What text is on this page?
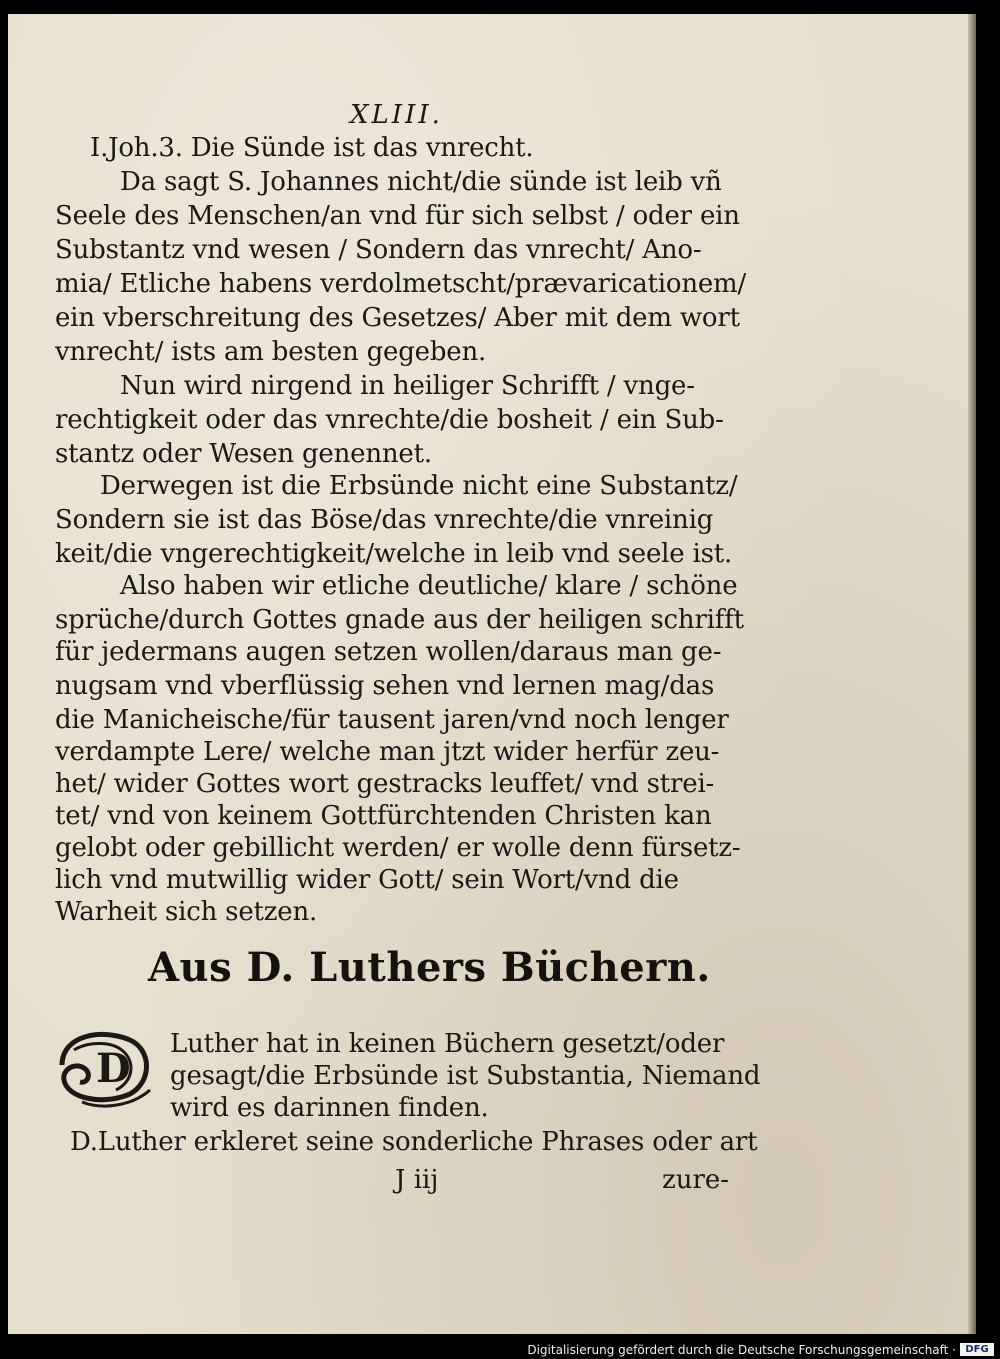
XLIII.
I.Joh.3. Die Sünde ist das vnrecht.
Da sagt S. Johannes nicht/die sünde ist leib vñ
Seele des Menschen/an vnd für sich selbst / oder ein
Substantz vnd wesen / Sondern das vnrecht/ Ano-
mia/ Etliche habens verdolmetscht/prævaricationem/
ein vberschreitung des Gesetzes/ Aber mit dem wort
vnrecht/ ists am besten gegeben.
Nun wird nirgend in heiliger Schrifft / vnge-
rechtigkeit oder das vnrechte/die bosheit / ein Sub-
stantz oder Wesen genennet.
Derwegen ist die Erbsünde nicht eine Substantz/
Sondern sie ist das Böse/das vnrechte/die vnreinig
keit/die vngerechtigkeit/welche in leib vnd seele ist.
Also haben wir etliche deutliche/ klare / schöne
sprüche/durch Gottes gnade aus der heiligen schrifft
für jedermans augen setzen wollen/daraus man ge-
nugsam vnd vberflüssig sehen vnd lernen mag/das
die Manicheische/für tausent jaren/vnd noch lenger
verdampte Lere/ welche man jtzt wider herfür zeu-
het/ wider Gottes wort gestracks leuffet/ vnd strei-
tet/ vnd von keinem Gottfürchtenden Christen kan
gelobt oder gebillicht werden/ er wolle denn fürsetz-
lich vnd mutwillig wider Gott/ sein Wort/vnd die
Warheit sich setzen.
Aus D. Luthers Büchern.
D
Luther hat in keinen Büchern gesetzt/oder
gesagt/die Erbsünde ist Substantia, Niemand
wird es darinnen finden.
D.Luther erkleret seine sonderliche Phrases oder art
J iij	zure-
Digitalisierung gefördert durch die Deutsche Forschungsgemeinschaft · DFG
